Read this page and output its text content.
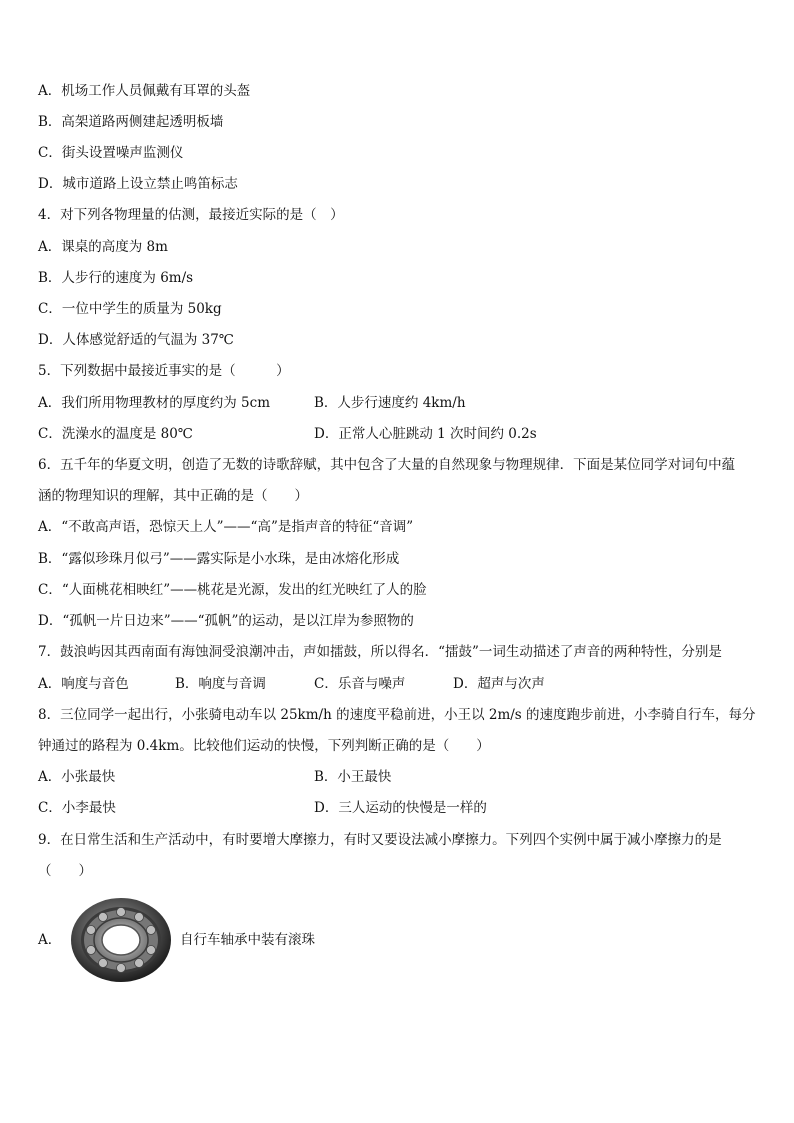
A．机场工作人员佩戴有耳罩的头盔
B．高架道路两侧建起透明板墙
C．街头设置噪声监测仪
D．城市道路上设立禁止鸣笛标志
4．对下列各物理量的估测，最接近实际的是（　）
A．课桌的高度为 8m
B．人步行的速度为 6m/s
C．一位中学生的质量为 50kg
D．人体感觉舒适的气温为 37℃
5．下列数据中最接近事实的是（　　　）
A．我们所用物理教材的厚度约为 5cm	B．人步行速度约 4km/h
C．洗澡水的温度是 80℃	D．正常人心脏跳动 1 次时间约 0.2s
6．五千年的华夏文明，创造了无数的诗歌辞赋，其中包含了大量的自然现象与物理规律．下面是某位同学对词句中蕴
涵的物理知识的理解，其中正确的是（　　）
A．“不敢高声语，恐惊天上人”——“高”是指声音的特征“音调”
B．“露似珍珠月似弓”——露实际是小水珠，是由冰熔化形成
C．“人面桃花相映红”——桃花是光源，发出的红光映红了人的脸
D．“孤帆一片日边来”——“孤帆”的运动，是以江岸为参照物的
7．鼓浪屿因其西南面有海蚀洞受浪潮冲击，声如擂鼓，所以得名．“擂鼓”一词生动描述了声音的两种特性，分别是
A．响度与音色	B．响度与音调	C．乐音与噪声	D．超声与次声
8．三位同学一起出行，小张骑电动车以 25km/h 的速度平稳前进，小王以 2m/s 的速度跑步前进，小李骑自行车，每分
钟通过的路程为 0.4km。比较他们运动的快慢，下列判断正确的是（　　）
A．小张最快	B．小王最快
C．小李最快	D．三人运动的快慢是一样的
9．在日常生活和生产活动中，有时要增大摩擦力，有时又要设法减小摩擦力。下列四个实例中属于减小摩擦力的是
（　　）
A．	自行车轴承中装有滚珠
